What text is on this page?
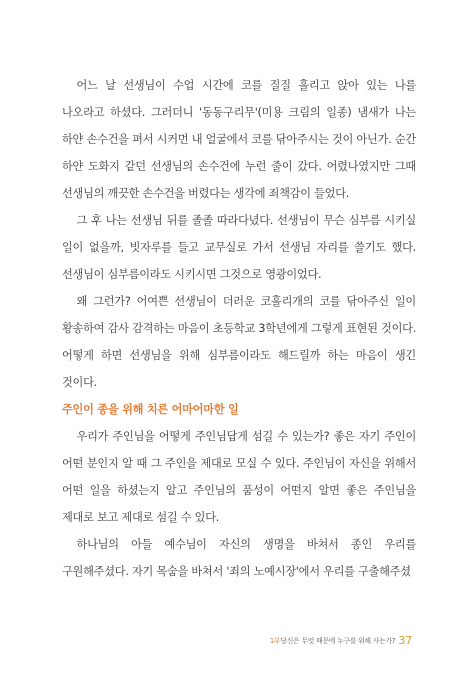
어느 날 선생님이 수업 시간에 코를 질질 흘리고 앉아 있는 나를 나오라고 하셨다. 그러더니 '동동구리무'(미용 크림의 일종) 냄새가 나는 하얀 손수건을 펴서 시커먼 내 얼굴에서 코를 닦아주시는 것이 아닌가. 순간 하얀 도화지 같던 선생님의 손수건에 누런 줄이 갔다. 어렸나였지만 그때 선생님의 깨끗한 손수건을 버렸다는 생각에 죄책감이 들었다.

그 후 나는 선생님 뒤를 졸졸 따라다녔다. 선생님이 무슨 심부름 시키실 일이 없을까, 빗자루를 들고 교무실로 가서 선생님 자리를 쓸기도 했다. 선생님이 심부름이라도 시키시면 그것으로 영광이었다.

왜 그런가? 어여쁜 선생님이 더러운 코흘리개의 코를 닦아주신 일이 황송하여 감사 감격하는 마음이 초등학교 3학년에게 그렇게 표현된 것이다. 어떻게 하면 선생님을 위해 심부름이라도 해드릴까 하는 마음이 생긴 것이다.

주인이 종을 위해 치른 어마어마한 일

우리가 주인님을 어떻게 주인님답게 섬길 수 있는가? 좋은 자기 주인이 어떤 분인지 알 때 그 주인을 제대로 모실 수 있다. 주인님이 자신을 위해서 어떤 일을 하셨는지 알고 주인님의 품성이 어떤지 알면 좋은 주인님을 제대로 보고 제대로 섬길 수 있다.

하나님의 아들 예수님이 자신의 생명을 바쳐서 종인 우리를 구원해주셨다. 자기 목숨을 바쳐서 '죄의 노예시장'에서 우리를 구출해주셨

1부당신은 무엇 때문에 누구를 위해 사는가? 37
